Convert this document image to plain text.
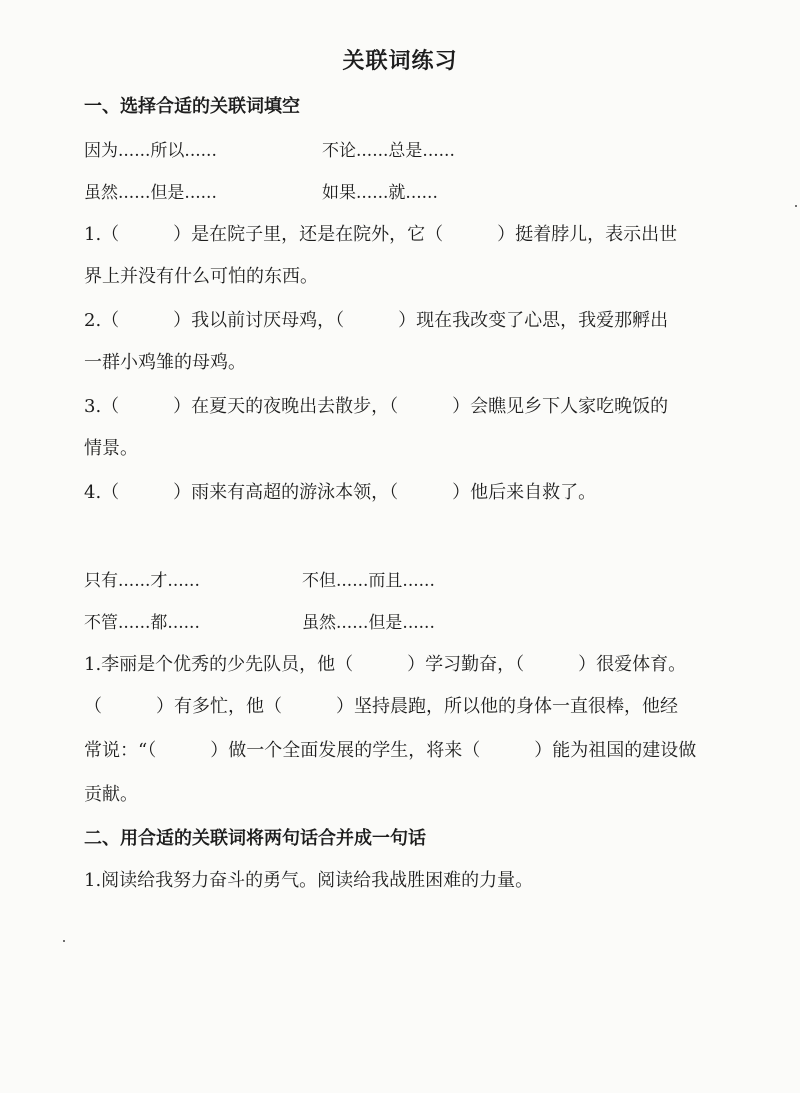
关联词练习
一、选择合适的关联词填空
因为......所以......	不论......总是......
虽然......但是......	如果......就......
1.（　　　）是在院子里，还是在院外，它（　　　）挺着脖儿，表示出世
界上并没有什么可怕的东西。
2.（　　　）我以前讨厌母鸡，（　　　）现在我改变了心思，我爱那孵出
一群小鸡雏的母鸡。
3.（　　　）在夏天的夜晚出去散步，（　　　）会瞧见乡下人家吃晚饭的
情景。
4.（　　　）雨来有高超的游泳本领，（　　　）他后来自救了。
只有......才......	不但......而且......
不管......都......	虽然......但是......
1.李丽是个优秀的少先队员，他（　　　）学习勤奋，（　　　）很爱体育。
（　　　）有多忙，他（　　　）坚持晨跑，所以他的身体一直很棒，他经
常说：“（　　　）做一个全面发展的学生，将来（　　　）能为祖国的建设做
贡献。
二、用合适的关联词将两句话合并成一句话
1.阅读给我努力奋斗的勇气。阅读给我战胜困难的力量。
